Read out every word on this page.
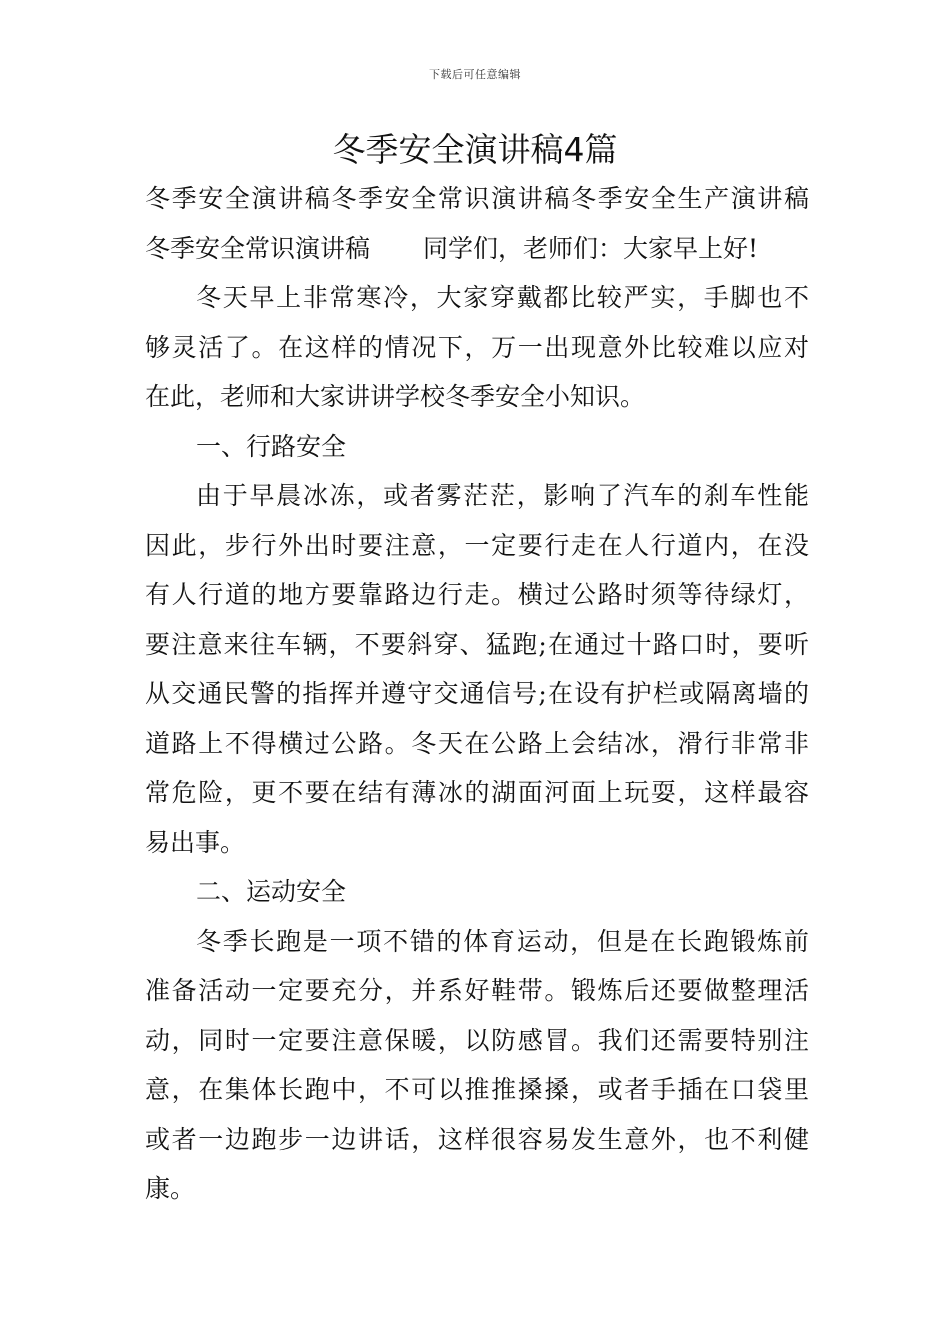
下载后可任意编辑
冬季安全演讲稿4篇
冬季安全演讲稿冬季安全常识演讲稿冬季安全生产演讲稿
冬季安全常识演讲稿 同学们，老师们：大家早上好!
冬天早上非常寒冷，大家穿戴都比较严实，手脚也不
够灵活了。在这样的情况下，万一出现意外比较难以应对
在此，老师和大家讲讲学校冬季安全小知识。
一、行路安全
由于早晨冰冻，或者雾茫茫，影响了汽车的刹车性能
因此，步行外出时要注意，一定要行走在人行道内，在没
有人行道的地方要靠路边行走。横过公路时须等待绿灯，
要注意来往车辆，不要斜穿、猛跑;在通过十路口时，要听
从交通民警的指挥并遵守交通信号;在设有护栏或隔离墙的
道路上不得横过公路。冬天在公路上会结冰，滑行非常非
常危险，更不要在结有薄冰的湖面河面上玩耍，这样最容
易出事。
二、运动安全
冬季长跑是一项不错的体育运动，但是在长跑锻炼前
准备活动一定要充分，并系好鞋带。锻炼后还要做整理活
动，同时一定要注意保暖，以防感冒。我们还需要特别注
意，在集体长跑中，不可以推推搡搡，或者手插在口袋里
或者一边跑步一边讲话，这样很容易发生意外，也不利健
康。
